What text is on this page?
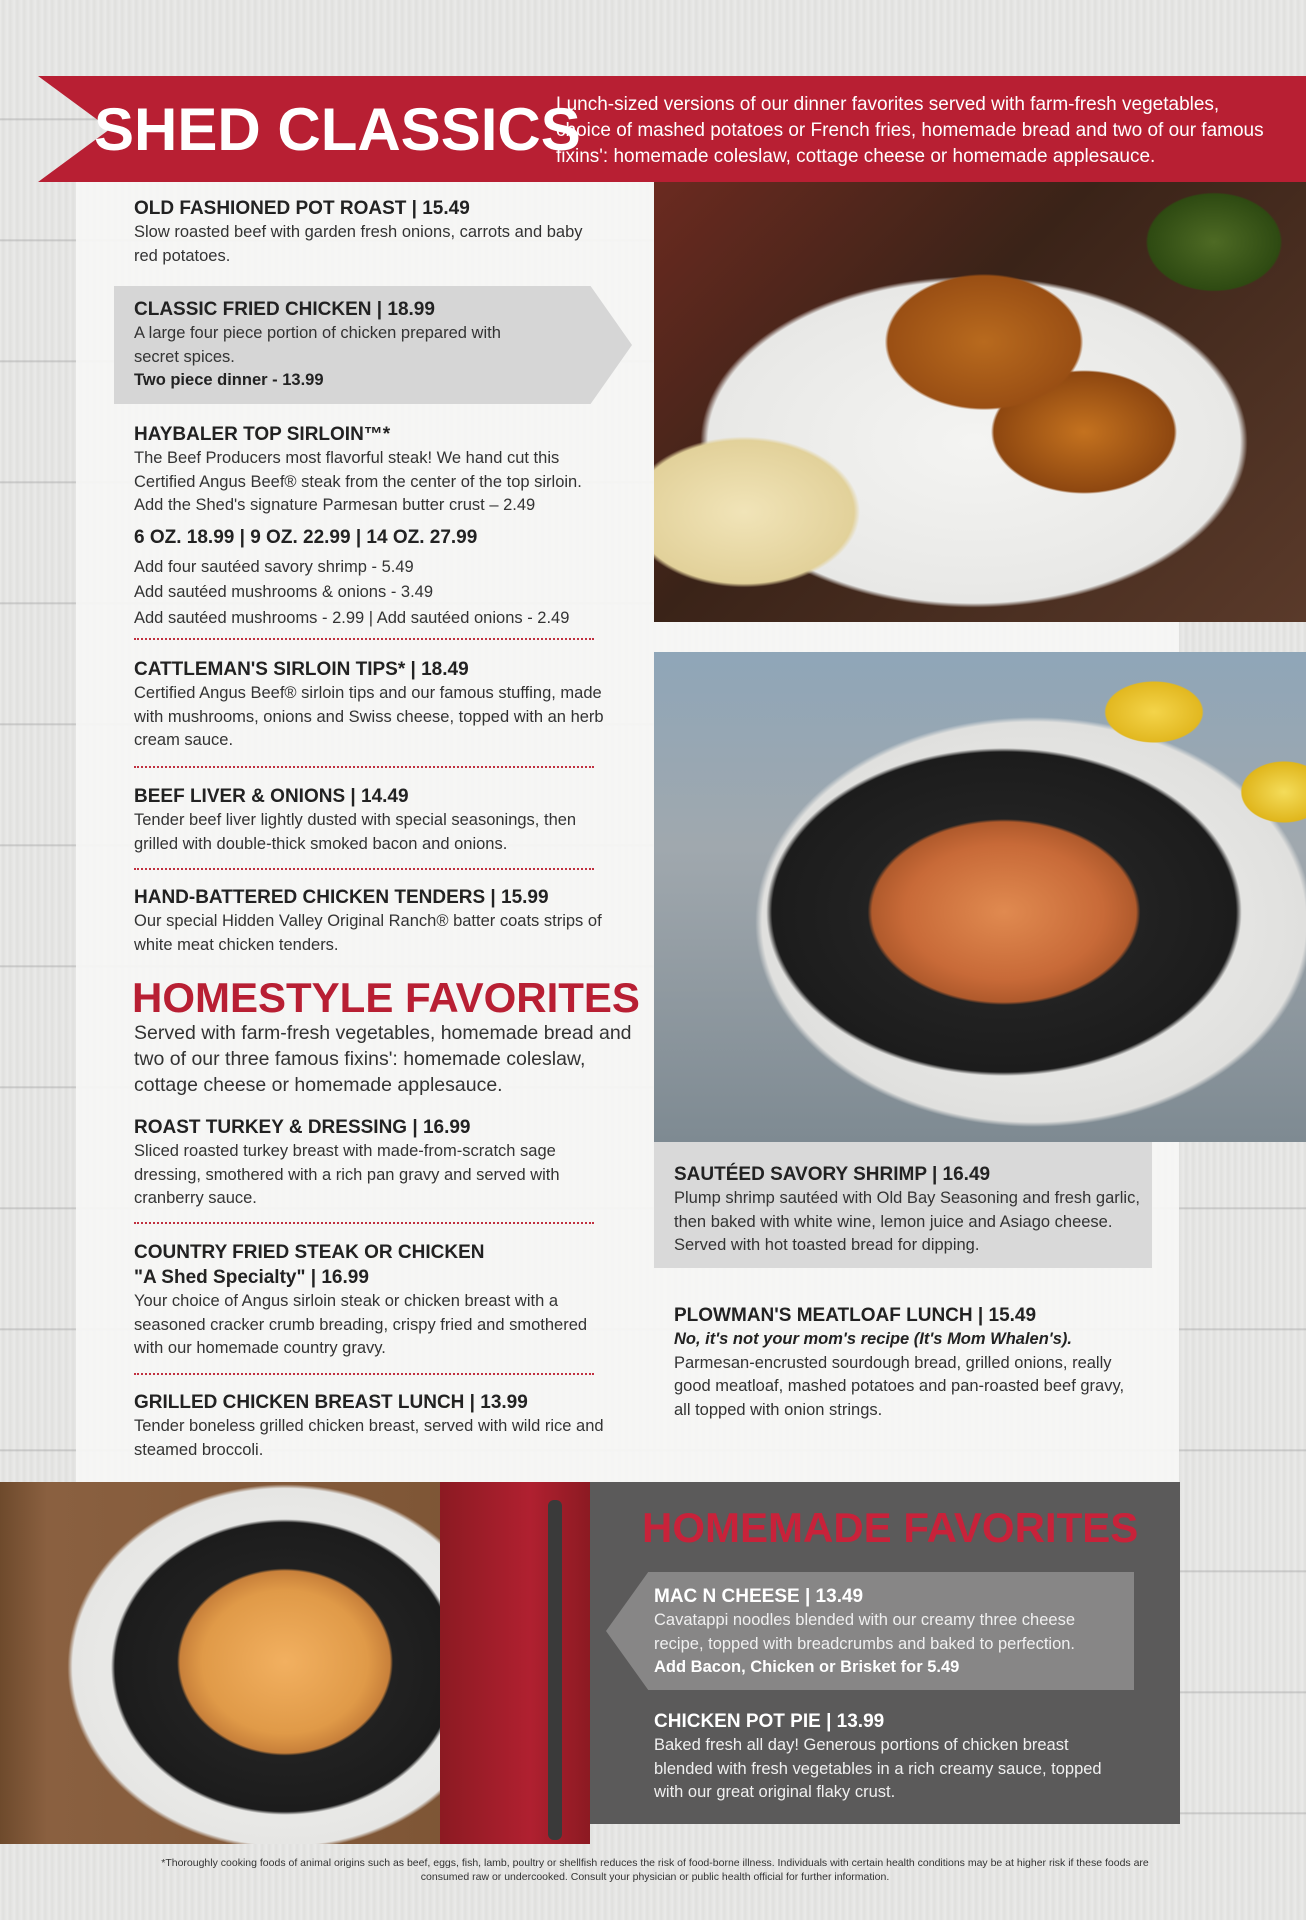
SHED CLASSICS
Lunch-sized versions of our dinner favorites served with farm-fresh vegetables, choice of mashed potatoes or French fries, homemade bread and two of our famous fixins': homemade coleslaw, cottage cheese or homemade applesauce.
OLD FASHIONED POT ROAST | 15.49
Slow roasted beef with garden fresh onions, carrots and baby red potatoes.
CLASSIC FRIED CHICKEN | 18.99
A large four piece portion of chicken prepared with secret spices.
Two piece dinner - 13.99
HAYBALER TOP SIRLOIN™*
The Beef Producers most flavorful steak! We hand cut this Certified Angus Beef® steak from the center of the top sirloin. Add the Shed's signature Parmesan butter crust – 2.49
6 OZ. 18.99 | 9 OZ. 22.99 | 14 OZ. 27.99
Add four sautéed savory shrimp - 5.49
Add sautéed mushrooms & onions - 3.49
Add sautéed mushrooms - 2.99 | Add sautéed onions - 2.49
CATTLEMAN'S SIRLOIN TIPS* | 18.49
Certified Angus Beef® sirloin tips and our famous stuffing, made with mushrooms, onions and Swiss cheese, topped with an herb cream sauce.
BEEF LIVER & ONIONS | 14.49
Tender beef liver lightly dusted with special seasonings, then grilled with double-thick smoked bacon and onions.
HAND-BATTERED CHICKEN TENDERS | 15.99
Our special Hidden Valley Original Ranch® batter coats strips of white meat chicken tenders.
HOMESTYLE FAVORITES
Served with farm-fresh vegetables, homemade bread and two of our three famous fixins': homemade coleslaw, cottage cheese or homemade applesauce.
ROAST TURKEY & DRESSING | 16.99
Sliced roasted turkey breast with made-from-scratch sage dressing, smothered with a rich pan gravy and served with cranberry sauce.
COUNTRY FRIED STEAK OR CHICKEN
"A Shed Specialty" | 16.99
Your choice of Angus sirloin steak or chicken breast with a seasoned cracker crumb breading, crispy fried and smothered with our homemade country gravy.
GRILLED CHICKEN BREAST LUNCH | 13.99
Tender boneless grilled chicken breast, served with wild rice and steamed broccoli.
SAUTÉED SAVORY SHRIMP | 16.49
Plump shrimp sautéed with Old Bay Seasoning and fresh garlic, then baked with white wine, lemon juice and Asiago cheese. Served with hot toasted bread for dipping.
PLOWMAN'S MEATLOAF LUNCH | 15.49
No, it's not your mom's recipe (It's Mom Whalen's).
Parmesan-encrusted sourdough bread, grilled onions, really good meatloaf, mashed potatoes and pan-roasted beef gravy, all topped with onion strings.
HOMEMADE FAVORITES
MAC N CHEESE | 13.49
Cavatappi noodles blended with our creamy three cheese recipe, topped with breadcrumbs and baked to perfection.
Add Bacon, Chicken or Brisket for 5.49
CHICKEN POT PIE | 13.99
Baked fresh all day! Generous portions of chicken breast blended with fresh vegetables in a rich creamy sauce, topped with our great original flaky crust.
*Thoroughly cooking foods of animal origins such as beef, eggs, fish, lamb, poultry or shellfish reduces the risk of food-borne illness. Individuals with certain health conditions may be at higher risk if these foods are consumed raw or undercooked. Consult your physician or public health official for further information.
